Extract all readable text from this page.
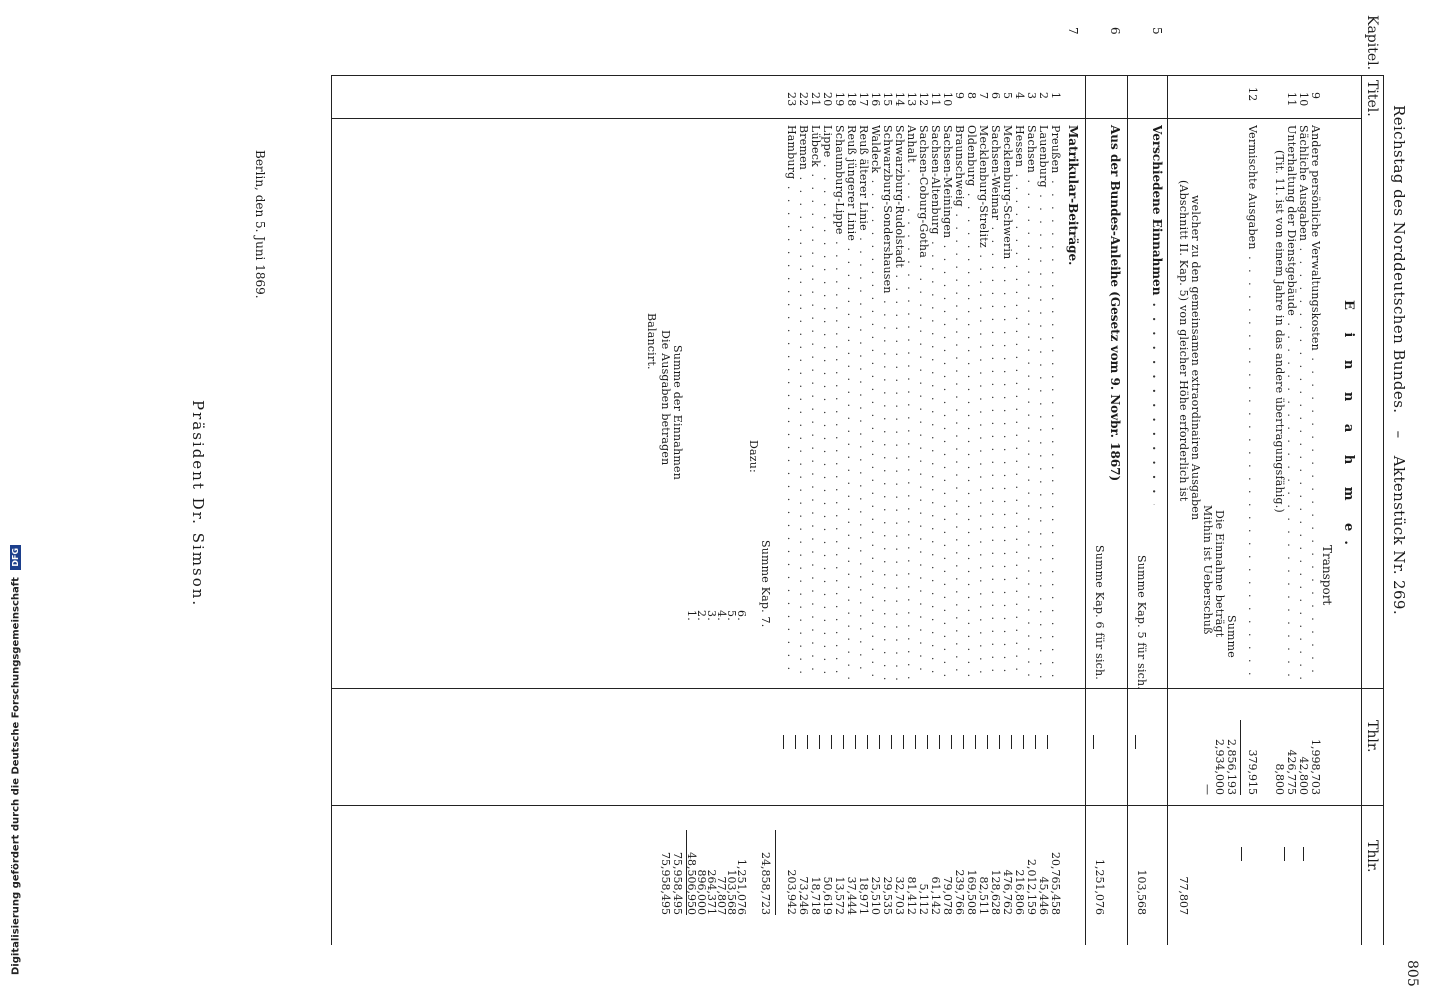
805
Reichstag des Norddeutschen Bundes. – Aktenstück Nr. 269.
Kapitel.
Titel.
Thlr.
Thlr.
E i n n a h m e.
Transport
9
Andere persönliche Verwaltungskosten . .
1,998,703
10
Sächliche Ausgaben . .
42,800
11
Unterhaltung der Dienstgebäude . .
426,775
(Tit. 11. ist von einem Jahre in das andere übertragungsfähig.)
8,800
12
Vermischte Ausgaben . .
379,915
Summe
2,856,193
Die Einnahme beträgt
2,934,000
Mithin ist Ueberschuß
—
welcher zu den gemeinsamen extraordinairen Ausgaben
(Abschnitt II. Kap. 5) von gleicher Höhe erforderlich ist
77,807
5
Verschiedene Einnahmen . .
Summe Kap. 5 für sich.
103,568
6
Aus der Bundes-Anleihe (Gesetz vom 9. Novbr. 1867)
Summe Kap. 6 für sich.
1,251,076
7
Matrikular-Beiträge.
Summe Kap. 7.
24,858,723
Dazu:
Summe der Einnahmen
75,958,495
Die Ausgaben betragen
75,958,495
Balancirt.
Berlin, den 5. Juni 1869.
Präsident Dr. Simson.
1
Preußen . .
20,765,458
2
Lauenburg . .
45,446
3
Sachsen . .
2,012,159
4
Hessen . .
216,806
5
Mecklenburg-Schwerin . .
476,762
6
Sachsen-Weimar . .
128,628
7
Mecklenburg-Strelitz . .
82,511
8
Oldenburg . .
169,508
9
Braunschweig . .
239,766
10
Sachsen-Meiningen . .
79,078
11
Sachsen-Altenburg . .
61,142
12
Sachsen-Coburg-Gotha . .
5,112
13
Anhalt . .
81,412
14
Schwarzburg-Rudolstadt . .
32,703
15
Schwarzburg-Sondershausen . .
29,535
16
Waldeck . .
25,510
17
Reuß älterer Linie . .
18,971
18
Reuß jüngerer Linie . .
37,444
19
Schaumburg-Lippe . .
13,572
20
Lippe . .
50,619
21
Lübeck . .
18,718
22
Bremen . .
73,246
23
Hamburg . .
203,942
6.
1,251,076
5.
103,568
4.
77,807
3.
264,371
2.
896,000
1.
48,506,950
Digitalisierung gefördert durch die Deutsche Forschungsgemeinschaft DFG
